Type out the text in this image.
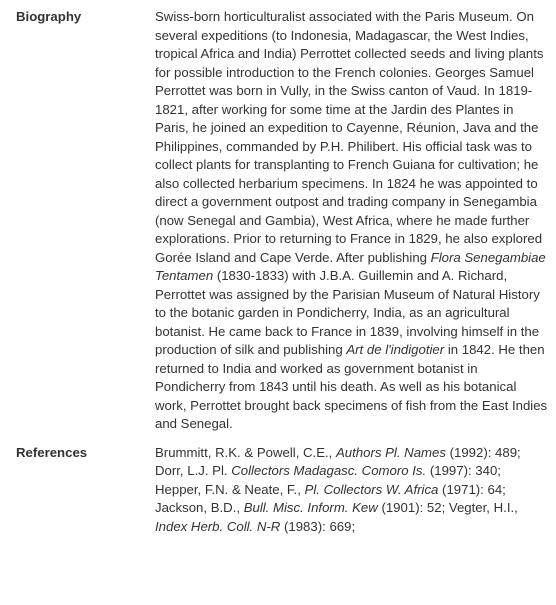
Biography	Swiss-born horticulturalist associated with the Paris Museum. On several expeditions (to Indonesia, Madagascar, the West Indies, tropical Africa and India) Perrottet collected seeds and living plants for possible introduction to the French colonies. Georges Samuel Perrottet was born in Vully, in the Swiss canton of Vaud. In 1819-1821, after working for some time at the Jardin des Plantes in Paris, he joined an expedition to Cayenne, Réunion, Java and the Philippines, commanded by P.H. Philibert. His official task was to collect plants for transplanting to French Guiana for cultivation; he also collected herbarium specimens. In 1824 he was appointed to direct a government outpost and trading company in Senegambia (now Senegal and Gambia), West Africa, where he made further explorations. Prior to returning to France in 1829, he also explored Gorée Island and Cape Verde. After publishing Flora Senegambiae Tentamen (1830-1833) with J.B.A. Guillemin and A. Richard, Perrottet was assigned by the Parisian Museum of Natural History to the botanic garden in Pondicherry, India, as an agricultural botanist. He came back to France in 1839, involving himself in the production of silk and publishing Art de l'indigotier in 1842. He then returned to India and worked as government botanist in Pondicherry from 1843 until his death. As well as his botanical work, Perrottet brought back specimens of fish from the East Indies and Senegal.
References	Brummitt, R.K. & Powell, C.E., Authors Pl. Names (1992): 489; Dorr, L.J. Pl. Collectors Madagasc. Comoro Is. (1997): 340; Hepper, F.N. & Neate, F., Pl. Collectors W. Africa (1971): 64; Jackson, B.D., Bull. Misc. Inform. Kew (1901): 52; Vegter, H.I., Index Herb. Coll. N-R (1983): 669;
